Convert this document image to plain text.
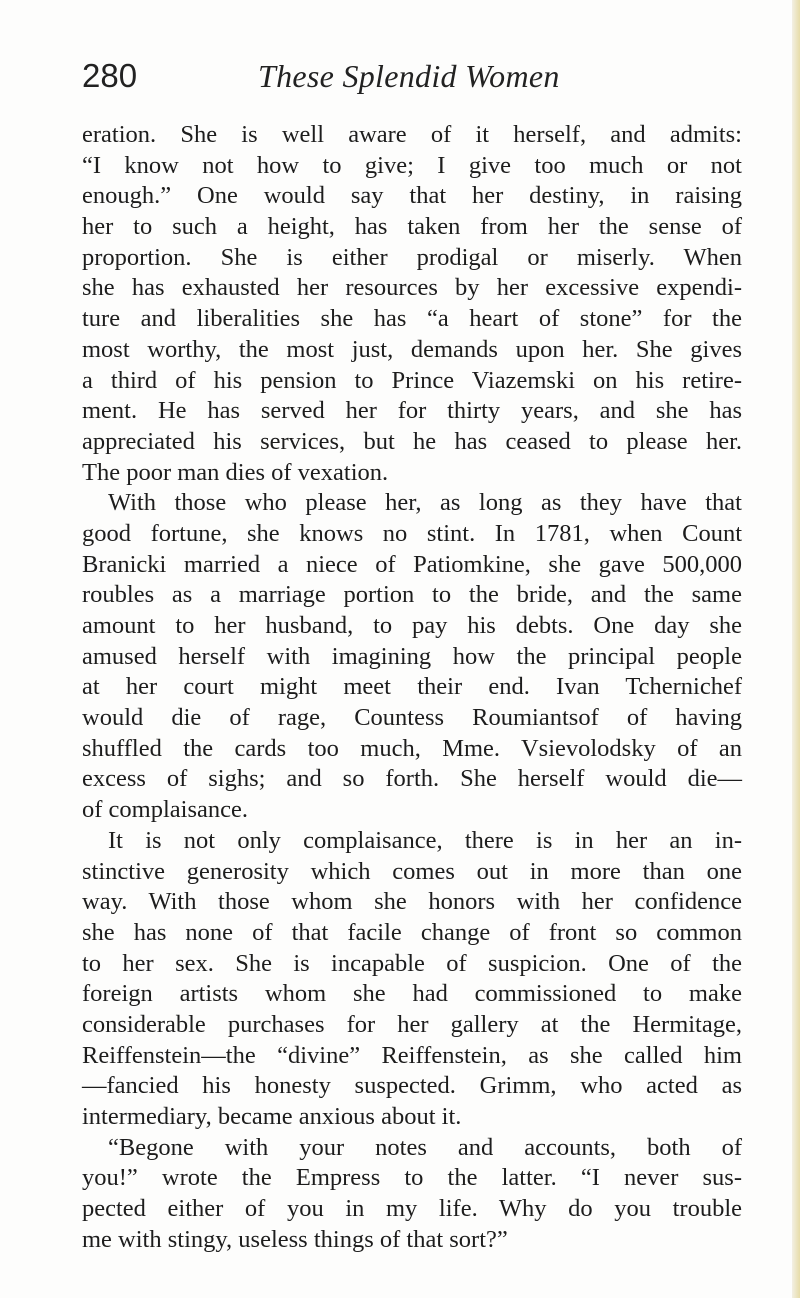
280	These Splendid Women
eration. She is well aware of it herself, and admits:
“I know not how to give; I give too much or not
enough.” One would say that her destiny, in raising
her to such a height, has taken from her the sense of
proportion. She is either prodigal or miserly. When
she has exhausted her resources by her excessive expendi-
ture and liberalities she has “a heart of stone” for the
most worthy, the most just, demands upon her. She gives
a third of his pension to Prince Viazemski on his retire-
ment. He has served her for thirty years, and she has
appreciated his services, but he has ceased to please her.
The poor man dies of vexation.
With those who please her, as long as they have that
good fortune, she knows no stint. In 1781, when Count
Branicki married a niece of Patiomkine, she gave 500,000
roubles as a marriage portion to the bride, and the same
amount to her husband, to pay his debts. One day she
amused herself with imagining how the principal people
at her court might meet their end. Ivan Tchernichef
would die of rage, Countess Roumiantsof of having
shuffled the cards too much, Mme. Vsievolodsky of an
excess of sighs; and so forth. She herself would die—
of complaisance.
It is not only complaisance, there is in her an in-
stinctive generosity which comes out in more than one
way. With those whom she honors with her confidence
she has none of that facile change of front so common
to her sex. She is incapable of suspicion. One of the
foreign artists whom she had commissioned to make
considerable purchases for her gallery at the Hermitage,
Reiffenstein—the “divine” Reiffenstein, as she called him
—fancied his honesty suspected. Grimm, who acted as
intermediary, became anxious about it.
“Begone with your notes and accounts, both of
you!” wrote the Empress to the latter. “I never sus-
pected either of you in my life. Why do you trouble
me with stingy, useless things of that sort?”
